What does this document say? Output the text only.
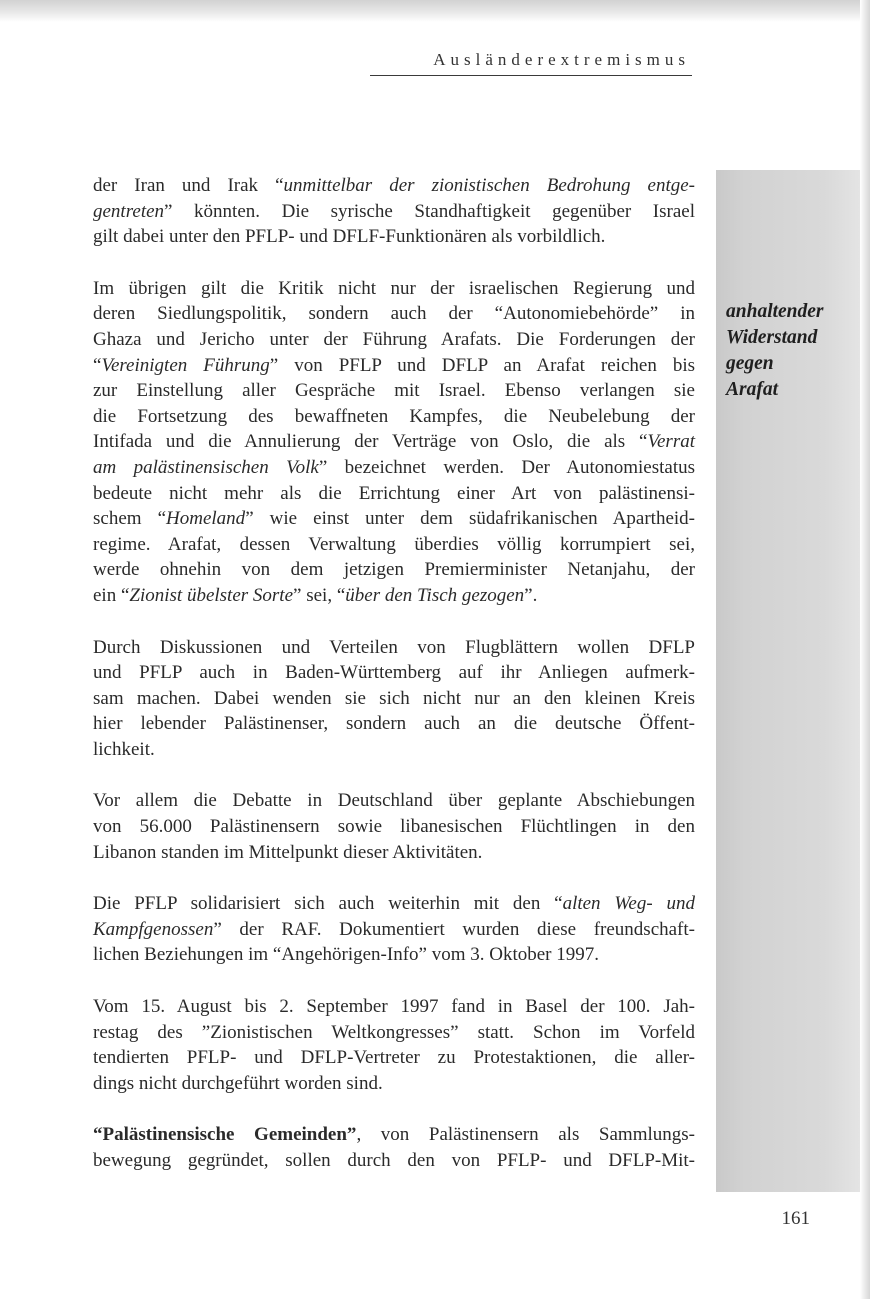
Ausländerextremismus
anhaltender
Widerstand
gegen
Arafat

der Iran und Irak “unmittelbar der zionistischen Bedrohung entge-
gentreten” könnten. Die syrische Standhaftigkeit gegenüber Israel
gilt dabei unter den PFLP- und DFLF-Funktionären als vorbildlich.

Im übrigen gilt die Kritik nicht nur der israelischen Regierung und
deren Siedlungspolitik, sondern auch der “Autonomiebehörde” in
Ghaza und Jericho unter der Führung Arafats. Die Forderungen der
“Vereinigten Führung” von PFLP und DFLP an Arafat reichen bis
zur Einstellung aller Gespräche mit Israel. Ebenso verlangen sie
die Fortsetzung des bewaffneten Kampfes, die Neubelebung der
Intifada und die Annulierung der Verträge von Oslo, die als “Verrat
am palästinensischen Volk” bezeichnet werden. Der Autonomiestatus
bedeute nicht mehr als die Errichtung einer Art von palästinensi-
schem “Homeland” wie einst unter dem südafrikanischen Apartheid-
regime. Arafat, dessen Verwaltung überdies völlig korrumpiert sei,
werde ohnehin von dem jetzigen Premierminister Netanjahu, der
ein “Zionist übelster Sorte” sei, “über den Tisch gezogen”.

Durch Diskussionen und Verteilen von Flugblättern wollen DFLP
und PFLP auch in Baden-Württemberg auf ihr Anliegen aufmerk-
sam machen. Dabei wenden sie sich nicht nur an den kleinen Kreis
hier lebender Palästinenser, sondern auch an die deutsche Öffent-
lichkeit.

Vor allem die Debatte in Deutschland über geplante Abschiebungen
von 56.000 Palästinensern sowie libanesischen Flüchtlingen in den
Libanon standen im Mittelpunkt dieser Aktivitäten.

Die PFLP solidarisiert sich auch weiterhin mit den “alten Weg- und
Kampfgenossen” der RAF. Dokumentiert wurden diese freundschaft-
lichen Beziehungen im “Angehörigen-Info” vom 3. Oktober 1997.

Vom 15. August bis 2. September 1997 fand in Basel der 100. Jah-
restag des ”Zionistischen Weltkongresses” statt. Schon im Vorfeld
tendierten PFLP- und DFLP-Vertreter zu Protestaktionen, die aller-
dings nicht durchgeführt worden sind.

“Palästinensische Gemeinden”, von Palästinensern als Sammlungs-
bewegung gegründet, sollen durch den von PFLP- und DFLP-Mit-

161
